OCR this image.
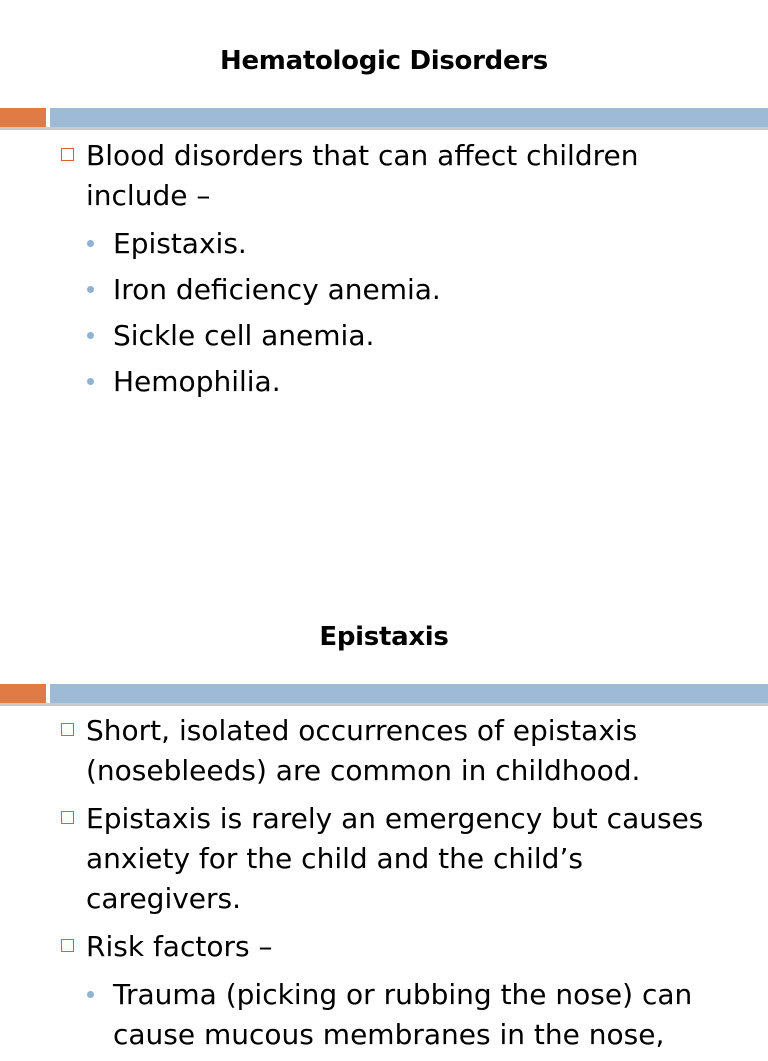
Hematologic Disorders
Blood disorders that can affect children include –
Epistaxis.
Iron deficiency anemia.
Sickle cell anemia.
Hemophilia.
Epistaxis
Short, isolated occurrences of epistaxis (nosebleeds) are common in childhood.
Epistaxis is rarely an emergency but causes anxiety for the child and the child’s caregivers.
Risk factors –
Trauma (picking or rubbing the nose) can cause mucous membranes in the nose,
